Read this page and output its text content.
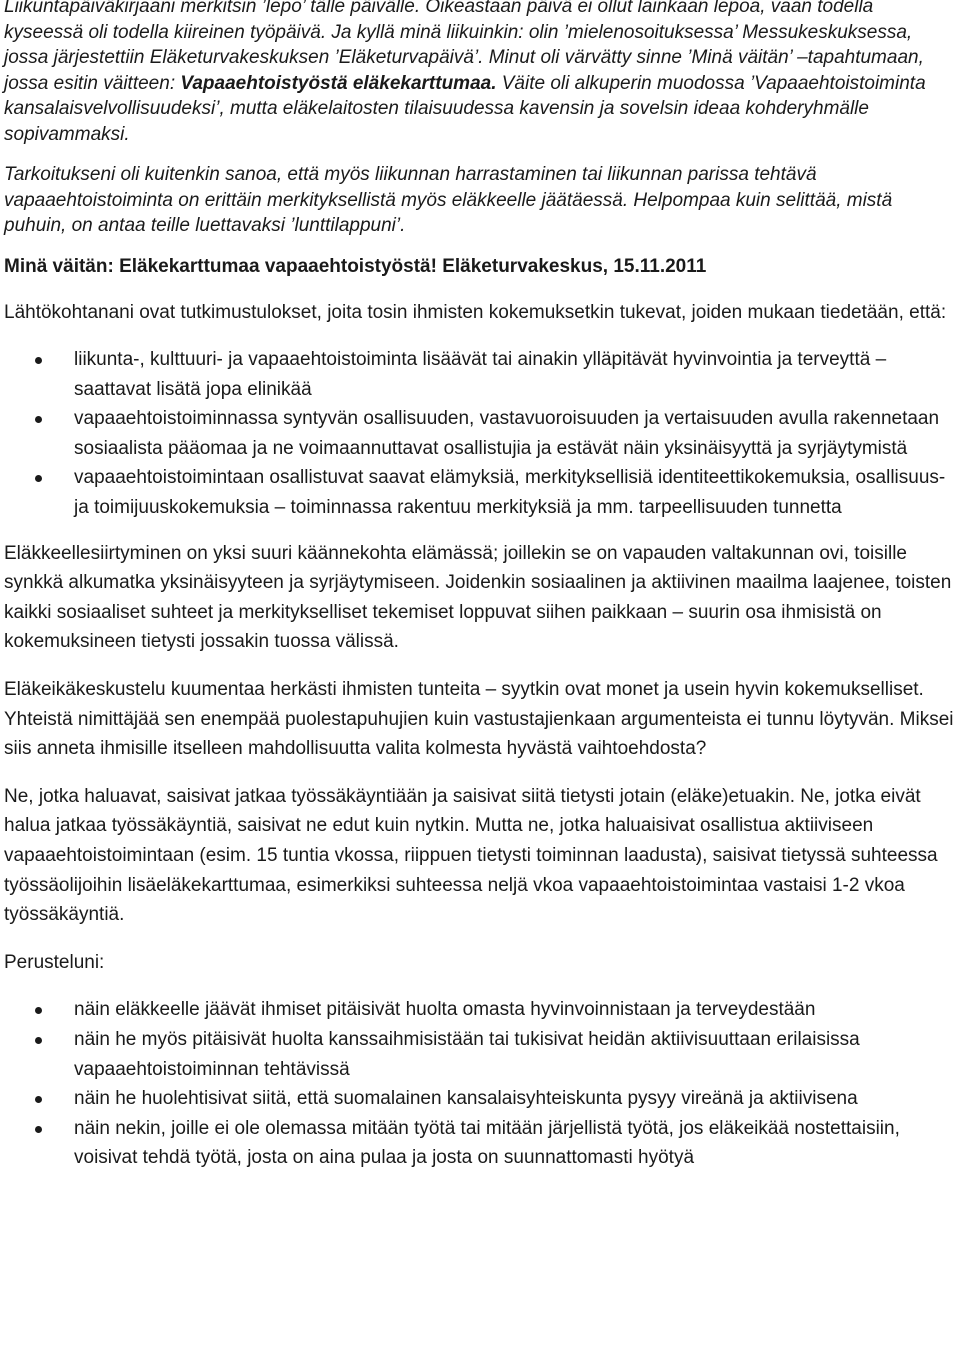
Liikuntapäiväkirjaani merkitsin ’lepo’ tälle päivälle. Oikeastaan päivä ei ollut lainkaan lepoa, vaan todella kyseessä oli todella kiireinen työpäivä. Ja kyllä minä liikuinkin: olin ’mielenosoituksessa’ Messukeskuksessa, jossa järjestettiin Eläketurvakeskuksen ’Eläketurvapäivä’. Minut oli värvätty sinne ’Minä väitän’ –tapahtumaan, jossa esitin väitteen: Vapaaehtoistyöstä eläkekarttumaa. Väite oli alkuperin muodossa ’Vapaaehtoistoiminta kansalaisvelvollisuudeksi’, mutta eläkelaitosten tilaisuudessa kavensin ja sovelsin ideaa kohderyhmälle sopivammaksi.

Tarkoitukseni oli kuitenkin sanoa, että myös liikunnan harrastaminen tai liikunnan parissa tehtävä vapaaehtoistoiminta on erittäin merkityksellistä myös eläkkeelle jäätäessä. Helpompaa kuin selittää, mistä puhuin, on antaa teille luettavaksi ’lunttilappuni’.

Minä väitän: Eläkekarttumaa vapaaehtoistyöstä! Eläketurvakeskus, 15.11.2011

Lähtökohtanani ovat tutkimustulokset, joita tosin ihmisten kokemuksetkin tukevat, joiden mukaan tiedetään, että:

liikunta-, kulttuuri- ja vapaaehtoistoiminta lisäävät tai ainakin ylläpitävät hyvinvointia ja terveyttä – saattavat lisätä jopa elinikää
vapaaehtoistoiminnassa syntyvän osallisuuden, vastavuoroisuuden ja vertaisuuden avulla rakennetaan sosiaalista pääomaa ja ne voimaannuttavat osallistujia ja estävät näin yksinäisyyttä ja syrjäytymistä
vapaaehtoistoimintaan osallistuvat saavat elämyksiä, merkityksellisiä identiteettikokemuksia, osallisuus- ja toimijuuskokemuksia – toiminnassa rakentuu merkityksiä ja mm. tarpeellisuuden tunnetta

Eläkkeellesiirtyminen on yksi suuri käännekohta elämässä; joillekin se on vapauden valtakunnan ovi, toisille synkkä alkumatka yksinäisyyteen ja syrjäytymiseen. Joidenkin sosiaalinen ja aktiivinen maailma laajenee, toisten kaikki sosiaaliset suhteet ja merkitykselliset tekemiset loppuvat siihen paikkaan – suurin osa ihmisistä on kokemuksineen tietysti jossakin tuossa välissä.

Eläkeikäkeskustelu kuumentaa herkästi ihmisten tunteita – syytkin ovat monet ja usein hyvin kokemukselliset. Yhteistä nimittäjää sen enempää puolestapuhujien kuin vastustajienkaan argumenteista ei tunnu löytyvän. Miksei siis anneta ihmisille itselleen mahdollisuutta valita kolmesta hyvästä vaihtoehdosta?

Ne, jotka haluavat, saisivat jatkaa työssäkäyntiään ja saisivat siitä tietysti jotain (eläke)etuakin. Ne, jotka eivät halua jatkaa työssäkäyntiä, saisivat ne edut kuin nytkin. Mutta ne, jotka haluaisivat osallistua aktiiviseen vapaaehtoistoimintaan (esim. 15 tuntia vkossa, riippuen tietysti toiminnan laadusta), saisivat tietyssä suhteessa työssäolijoihin lisäeläkekarttumaa, esimerkiksi suhteessa neljä vkoa vapaaehtoistoimintaa vastaisi 1-2 vkoa työssäkäyntiä.

Perusteluni:

näin eläkkeelle jäävät ihmiset pitäisivät huolta omasta hyvinvoinnistaan ja terveydestään
näin he myös pitäisivät huolta kanssaihmisistään tai tukisivat heidän aktiivisuuttaan erilaisissa vapaaehtoistoiminnan tehtävissä
näin he huolehtisivat siitä, että suomalainen kansalaisyhteiskunta pysyy vireänä ja aktiivisena
näin nekin, joille ei ole olemassa mitään työtä tai mitään järjellistä työtä, jos eläkeikää nostettaisiin, voisivat tehdä työtä, josta on aina pulaa ja josta on suunnattomasti hyötyä
